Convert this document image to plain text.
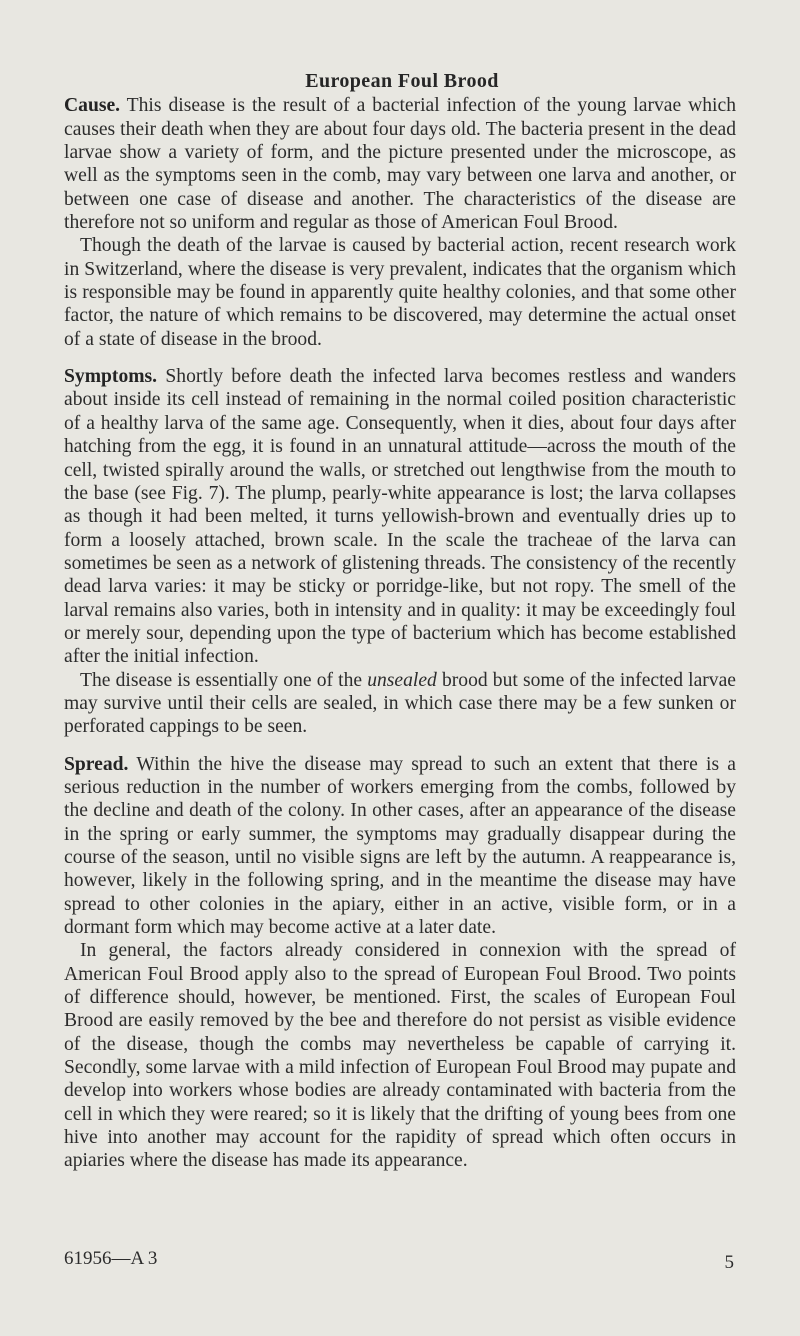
European Foul Brood

Cause. This disease is the result of a bacterial infection of the young larvae which causes their death when they are about four days old. The bacteria present in the dead larvae show a variety of form, and the picture presented under the microscope, as well as the symptoms seen in the comb, may vary between one larva and another, or between one case of disease and another. The characteristics of the disease are therefore not so uniform and regular as those of American Foul Brood.

Though the death of the larvae is caused by bacterial action, recent research work in Switzerland, where the disease is very prevalent, indicates that the organism which is responsible may be found in apparently quite healthy colonies, and that some other factor, the nature of which remains to be discovered, may determine the actual onset of a state of disease in the brood.

Symptoms. Shortly before death the infected larva becomes restless and wanders about inside its cell instead of remaining in the normal coiled position characteristic of a healthy larva of the same age. Consequently, when it dies, about four days after hatching from the egg, it is found in an unnatural attitude—across the mouth of the cell, twisted spirally around the walls, or stretched out lengthwise from the mouth to the base (see Fig. 7). The plump, pearly-white appearance is lost; the larva collapses as though it had been melted, it turns yellowish-brown and eventually dries up to form a loosely attached, brown scale. In the scale the tracheae of the larva can sometimes be seen as a network of glistening threads. The consistency of the recently dead larva varies: it may be sticky or porridge-like, but not ropy. The smell of the larval remains also varies, both in intensity and in quality: it may be exceedingly foul or merely sour, depending upon the type of bacterium which has become established after the initial infection.

The disease is essentially one of the unsealed brood but some of the infected larvae may survive until their cells are sealed, in which case there may be a few sunken or perforated cappings to be seen.

Spread. Within the hive the disease may spread to such an extent that there is a serious reduction in the number of workers emerging from the combs, followed by the decline and death of the colony. In other cases, after an appearance of the disease in the spring or early summer, the symptoms may gradually disappear during the course of the season, until no visible signs are left by the autumn. A reappearance is, however, likely in the following spring, and in the meantime the disease may have spread to other colonies in the apiary, either in an active, visible form, or in a dormant form which may become active at a later date.

In general, the factors already considered in connexion with the spread of American Foul Brood apply also to the spread of European Foul Brood. Two points of difference should, however, be mentioned. First, the scales of European Foul Brood are easily removed by the bee and therefore do not persist as visible evidence of the disease, though the combs may nevertheless be capable of carrying it. Secondly, some larvae with a mild infection of European Foul Brood may pupate and develop into workers whose bodies are already contaminated with bacteria from the cell in which they were reared; so it is likely that the drifting of young bees from one hive into another may account for the rapidity of spread which often occurs in apiaries where the disease has made its appearance.

61956—A 3	5
